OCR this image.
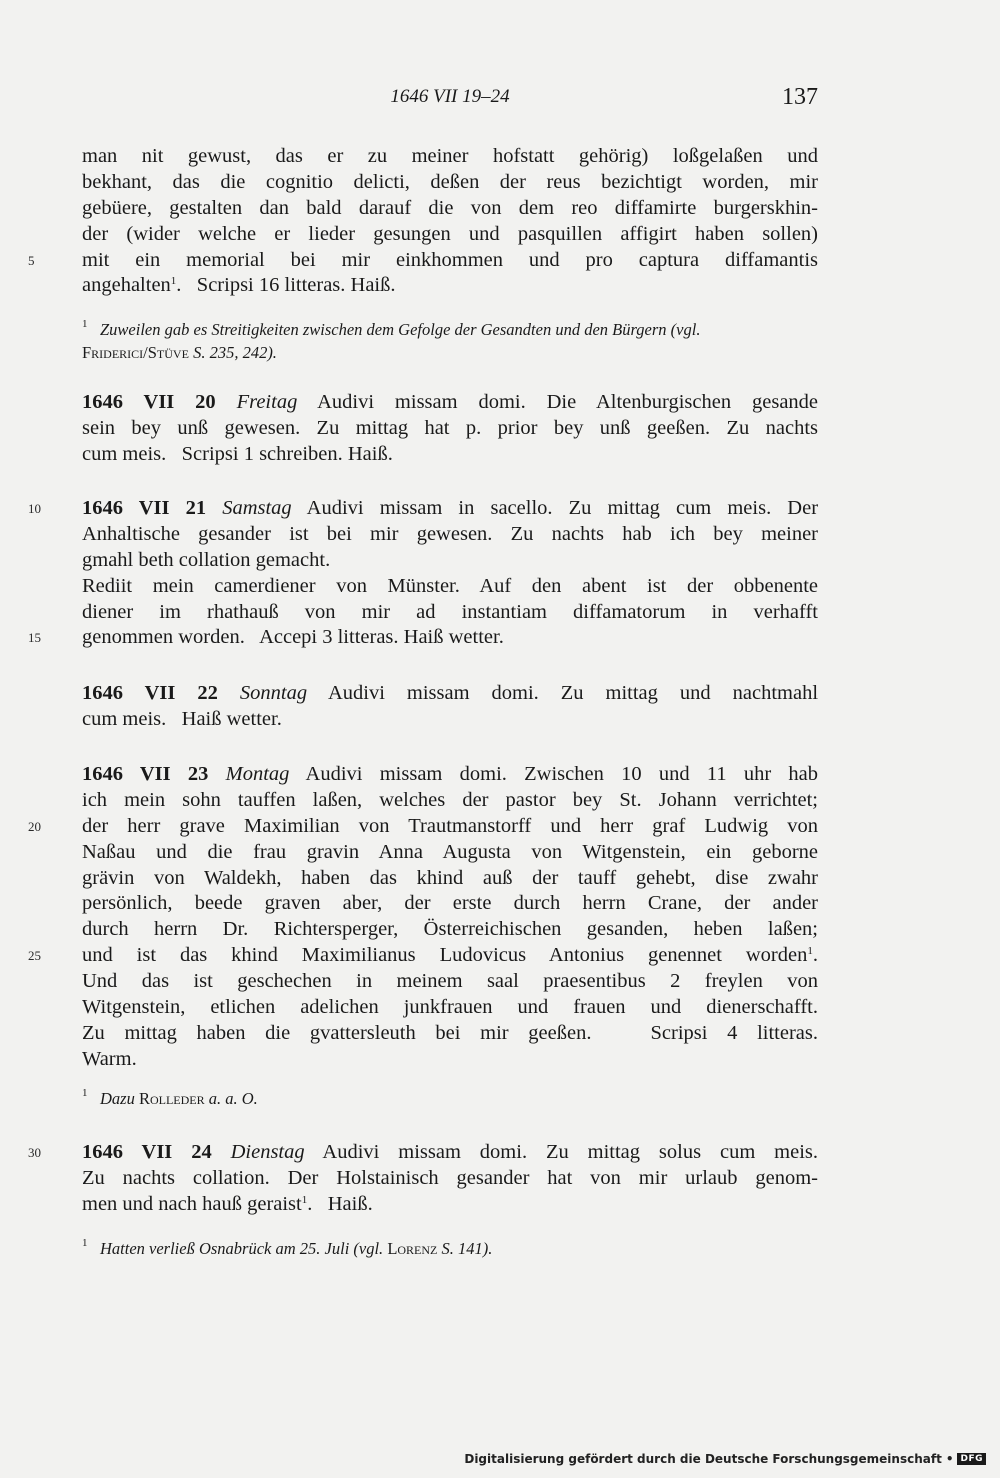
1646 VII 19–24	137
man nit gewust, das er zu meiner hofstatt gehörig) loßgelaßen und
bekhant, das die cognitio delicti, deßen der reus bezichtigt worden, mir
gebüere, gestalten dan bald darauf die von dem reo diffamirte burgerskhin-
der (wider welche er lieder gesungen und pasquillen affigirt haben sollen)
5	mit ein memorial bei mir einkhommen und pro captura diffamantis
angehalten$^1$.   Scripsi 16 litteras. Haiß.
1 Zuweilen gab es Streitigkeiten zwischen dem Gefolge der Gesandten und den Bürgern (vgl.
Friderici/Stüve S. 235, 242).
1646 VII 20 Freitag Audivi missam domi. Die Altenburgischen gesande
sein bey unß gewesen. Zu mittag hat p. prior bey unß geeßen. Zu nachts
cum meis.   Scripsi 1 schreiben. Haiß.
10	1646 VII 21 Samstag Audivi missam in sacello. Zu mittag cum meis. Der
Anhaltische gesander ist bei mir gewesen. Zu nachts hab ich bey meiner
gmahl beth collation gemacht.
Rediit mein camerdiener von Münster. Auf den abent ist der obbenente
diener im rhathauß von mir ad instantiam diffamatorum in verhafft
15	genommen worden.   Accepi 3 litteras. Haiß wetter.
1646 VII 22 Sonntag Audivi missam domi. Zu mittag und nachtmahl
cum meis.   Haiß wetter.
1646 VII 23 Montag Audivi missam domi. Zwischen 10 und 11 uhr hab
ich mein sohn tauffen laßen, welches der pastor bey St. Johann verrichtet;
20	der herr grave Maximilian von Trautmanstorff und herr graf Ludwig von
Naßau und die frau gravin Anna Augusta von Witgenstein, ein geborne
grävin von Waldekh, haben das khind auß der tauff gehebt, dise zwahr
persönlich, beede graven aber, der erste durch herrn Crane, der ander
durch herrn Dr. Richtersperger, Österreichischen gesanden, heben laßen;
25	und ist das khind Maximilianus Ludovicus Antonius genennet worden$^1$.
Und das ist geschechen in meinem saal praesentibus 2 freylen von
Witgenstein, etlichen adelichen junkfrauen und frauen und dienerschafft.
Zu mittag haben die gvattersleuth bei mir geeßen.   Scripsi 4 litteras.
Warm.
1 Dazu Rolleder a. a. O.
30	1646 VII 24 Dienstag Audivi missam domi. Zu mittag solus cum meis.
Zu nachts collation. Der Holstainisch gesander hat von mir urlaub genom-
men und nach hauß geraist$^1$.   Haiß.
1 Hatten verließ Osnabrück am 25. Juli (vgl. Lorenz S. 141).
Digitalisierung gefördert durch die Deutsche Forschungsgemeinschaft • DFG
